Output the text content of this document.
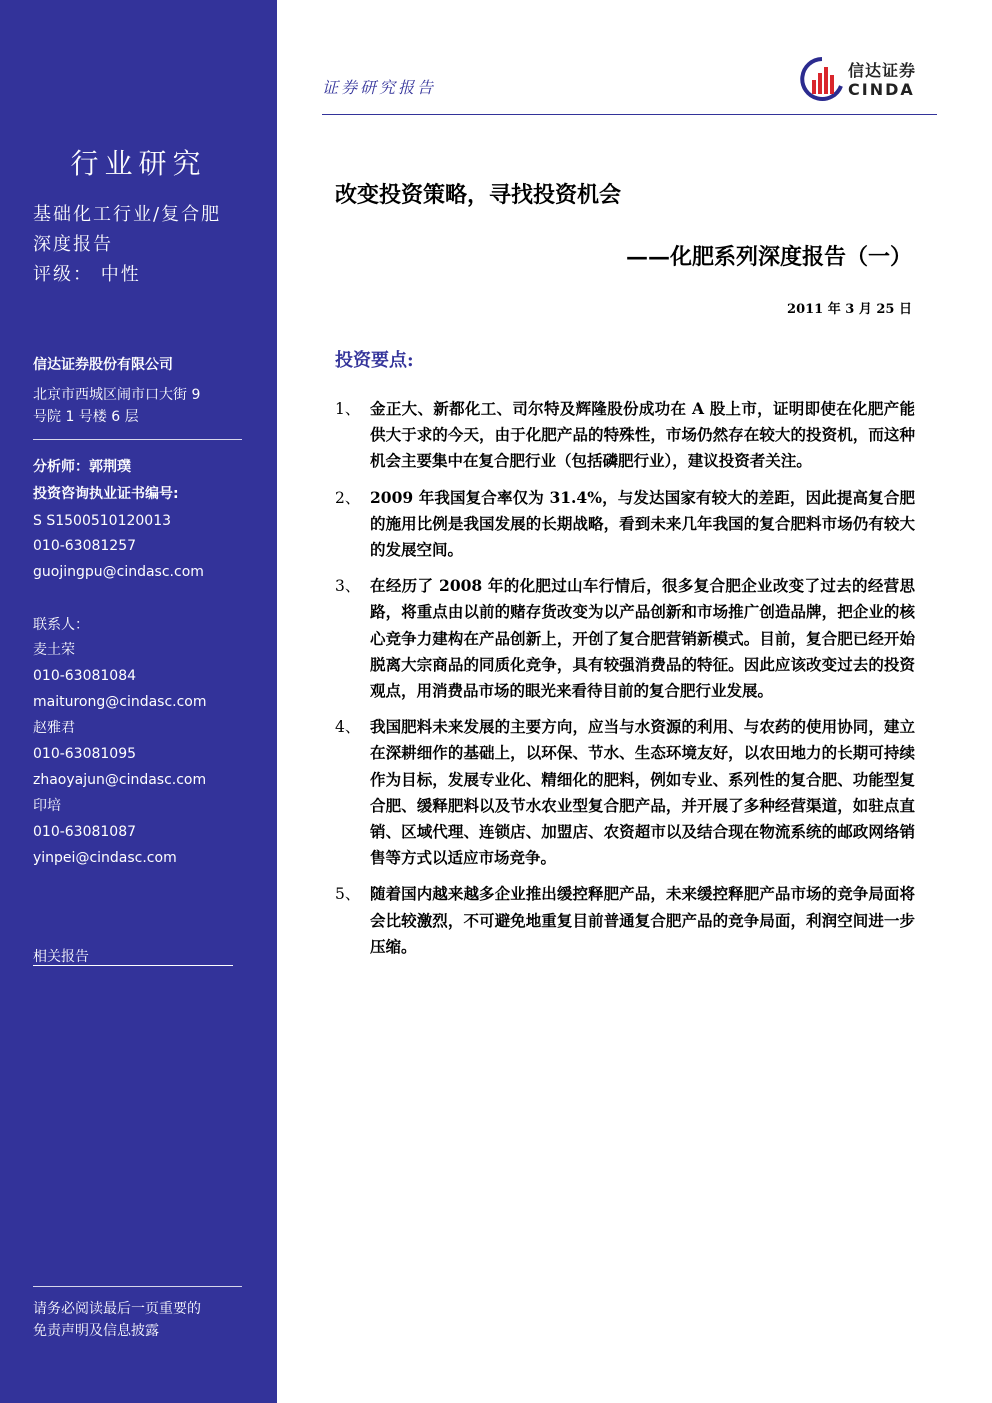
行业研究
基础化工行业/复合肥
深度报告
评级： 中性
信达证券股份有限公司
北京市西城区闹市口大街 9
号院 1 号楼 6 层
分析师：郭荆璞
投资咨询执业证书编号:
S S1500510120013
010-63081257
guojingpu@cindasc.com
联系人：
麦土荣
010-63081084
maiturong@cindasc.com
赵雅君
010-63081095
zhaoyajun@cindasc.com
印培
010-63081087
yinpei@cindasc.com
相关报告
请务必阅读最后一页重要的
免责声明及信息披露
证券研究报告
信达证券
CINDA
改变投资策略，寻找投资机会
——化肥系列深度报告（一）
2011 年 3 月 25 日
投资要点:
1、 金正大、新都化工、司尔特及辉隆股份成功在 A 股上市，证明即使在化肥产能供大于求的今天，由于化肥产品的特殊性，市场仍然存在较大的投资机，而这种机会主要集中在复合肥行业（包括磷肥行业），建议投资者关注。
2、 2009 年我国复合率仅为 31.4%，与发达国家有较大的差距，因此提高复合肥的施用比例是我国发展的长期战略，看到未来几年我国的复合肥料市场仍有较大的发展空间。
3、 在经历了 2008 年的化肥过山车行情后，很多复合肥企业改变了过去的经营思路，将重点由以前的赌存货改变为以产品创新和市场推广创造品牌，把企业的核心竞争力建构在产品创新上，开创了复合肥营销新模式。目前，复合肥已经开始脱离大宗商品的同质化竞争，具有较强消费品的特征。因此应该改变过去的投资观点，用消费品市场的眼光来看待目前的复合肥行业发展。
4、 我国肥料未来发展的主要方向，应当与水资源的利用、与农药的使用协同，建立在深耕细作的基础上，以环保、节水、生态环境友好，以农田地力的长期可持续作为目标，发展专业化、精细化的肥料，例如专业、系列性的复合肥、功能型复合肥、缓释肥料以及节水农业型复合肥产品，并开展了多种经营渠道，如驻点直销、区域代理、连锁店、加盟店、农资超市以及结合现在物流系统的邮政网络销售等方式以适应市场竞争。
5、 随着国内越来越多企业推出缓控释肥产品，未来缓控释肥产品市场的竞争局面将会比较激烈，不可避免地重复目前普通复合肥产品的竞争局面，利润空间进一步压缩。
